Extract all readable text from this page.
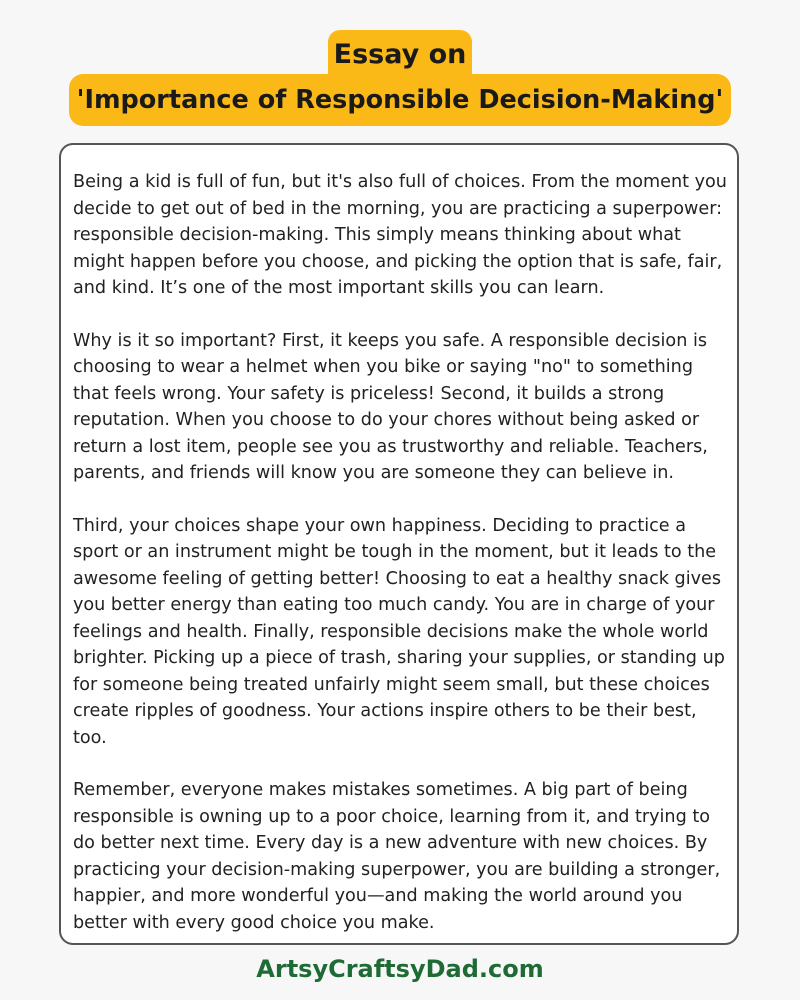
Essay on
'Importance of Responsible Decision-Making'

Being a kid is full of fun, but it's also full of choices. From the moment you decide to get out of bed in the morning, you are practicing a superpower: responsible decision-making. This simply means thinking about what might happen before you choose, and picking the option that is safe, fair, and kind. It’s one of the most important skills you can learn.

Why is it so important? First, it keeps you safe. A responsible decision is choosing to wear a helmet when you bike or saying "no" to something that feels wrong. Your safety is priceless! Second, it builds a strong reputation. When you choose to do your chores without being asked or return a lost item, people see you as trustworthy and reliable. Teachers, parents, and friends will know you are someone they can believe in.

Third, your choices shape your own happiness. Deciding to practice a sport or an instrument might be tough in the moment, but it leads to the awesome feeling of getting better! Choosing to eat a healthy snack gives you better energy than eating too much candy. You are in charge of your feelings and health. Finally, responsible decisions make the whole world brighter. Picking up a piece of trash, sharing your supplies, or standing up for someone being treated unfairly might seem small, but these choices create ripples of goodness. Your actions inspire others to be their best, too.

Remember, everyone makes mistakes sometimes. A big part of being responsible is owning up to a poor choice, learning from it, and trying to do better next time. Every day is a new adventure with new choices. By practicing your decision-making superpower, you are building a stronger, happier, and more wonderful you—and making the world around you better with every good choice you make.

ArtsyCraftsyDad.com
